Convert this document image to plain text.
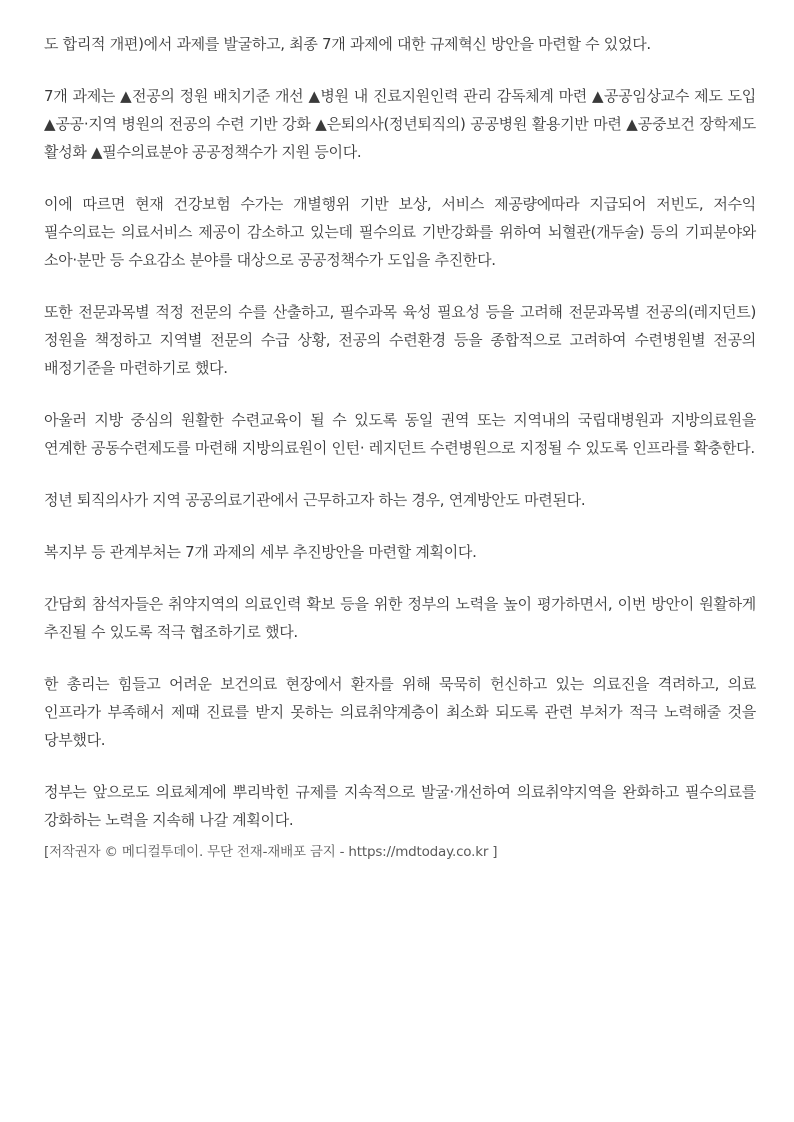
도 합리적 개편)에서 과제를 발굴하고, 최종 7개 과제에 대한 규제혁신 방안을 마련할 수 있었다.

7개 과제는 ▲전공의 정원 배치기준 개선 ▲병원 내 진료지원인력 관리 감독체계 마련 ▲공공임상교수 제도 도입 ▲공공·지역 병원의 전공의 수련 기반 강화 ▲은퇴의사(정년퇴직의) 공공병원 활용기반 마련 ▲공중보건 장학제도 활성화 ▲필수의료분야 공공정책수가 지원 등이다.

이에 따르면 현재 건강보험 수가는 개별행위 기반 보상, 서비스 제공량에따라 지급되어 저빈도, 저수익 필수의료는 의료서비스 제공이 감소하고 있는데 필수의료 기반강화를 위하여 뇌혈관(개두술) 등의 기피분야와 소아·분만 등 수요감소 분야를 대상으로 공공정책수가 도입을 추진한다.

또한 전문과목별 적정 전문의 수를 산출하고, 필수과목 육성 필요성 등을 고려해 전문과목별 전공의(레지던트) 정원을 책정하고 지역별 전문의 수급 상황, 전공의 수련환경 등을 종합적으로 고려하여 수련병원별 전공의 배정기준을 마련하기로 했다.

아울러 지방 중심의 원활한 수련교육이 될 수 있도록 동일 권역 또는 지역내의 국립대병원과 지방의료원을 연계한 공동수련제도를 마련해 지방의료원이 인턴· 레지던트 수련병원으로 지정될 수 있도록 인프라를 확충한다.

정년 퇴직의사가 지역 공공의료기관에서 근무하고자 하는 경우, 연계방안도 마련된다.

복지부 등 관계부처는 7개 과제의 세부 추진방안을 마련할 계획이다.

간담회 참석자들은 취약지역의 의료인력 확보 등을 위한 정부의 노력을 높이 평가하면서, 이번 방안이 원활하게 추진될 수 있도록 적극 협조하기로 했다.

한 총리는 힘들고 어려운 보건의료 현장에서 환자를 위해 묵묵히 헌신하고 있는 의료진을 격려하고, 의료 인프라가 부족해서 제때 진료를 받지 못하는 의료취약계층이 최소화 되도록 관련 부처가 적극 노력해줄 것을 당부했다.

정부는 앞으로도 의료체계에 뿌리박힌 규제를 지속적으로 발굴·개선하여 의료취약지역을 완화하고 필수의료를 강화하는 노력을 지속해 나갈 계획이다.

[저작권자 © 메디컬투데이. 무단 전재-재배포 금지 - https://mdtoday.co.kr ]
